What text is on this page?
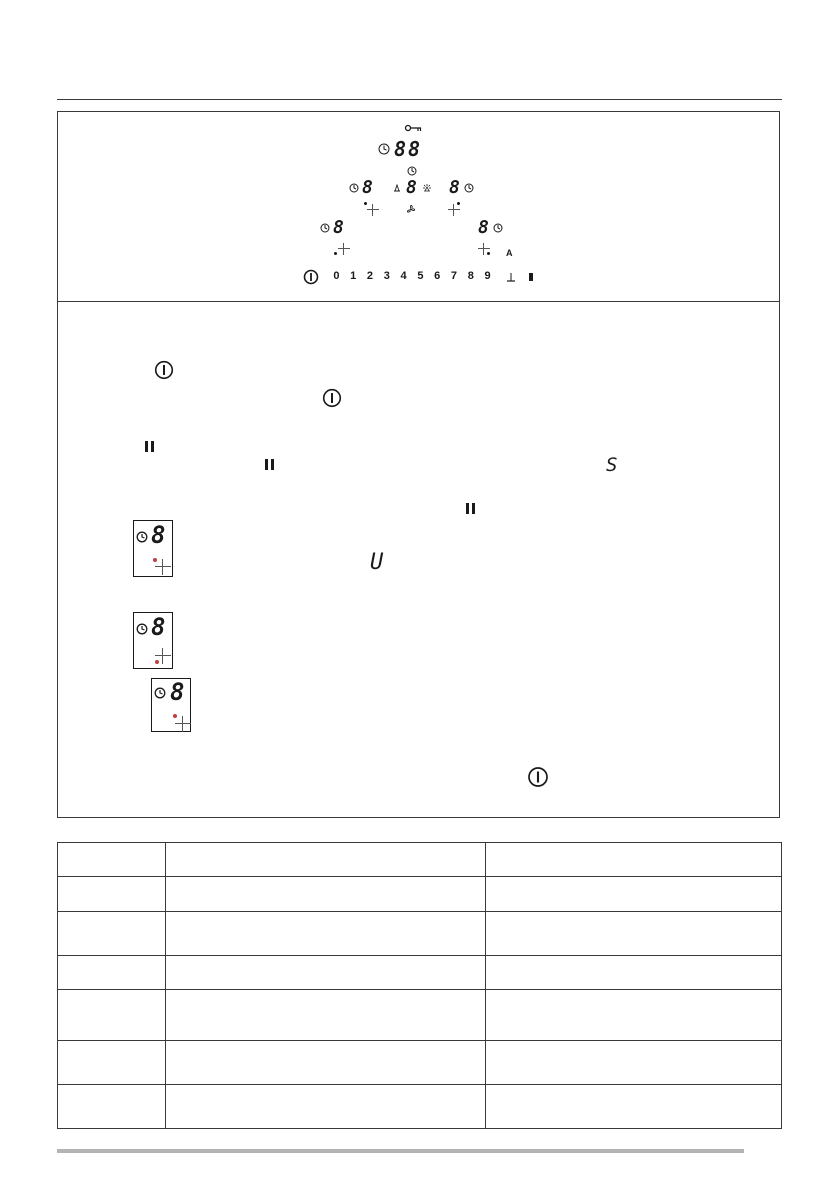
88
. 8 8 8
8	8
A
0 1 2 3 4 5 6 7 8 9
S
8
U
8
8
